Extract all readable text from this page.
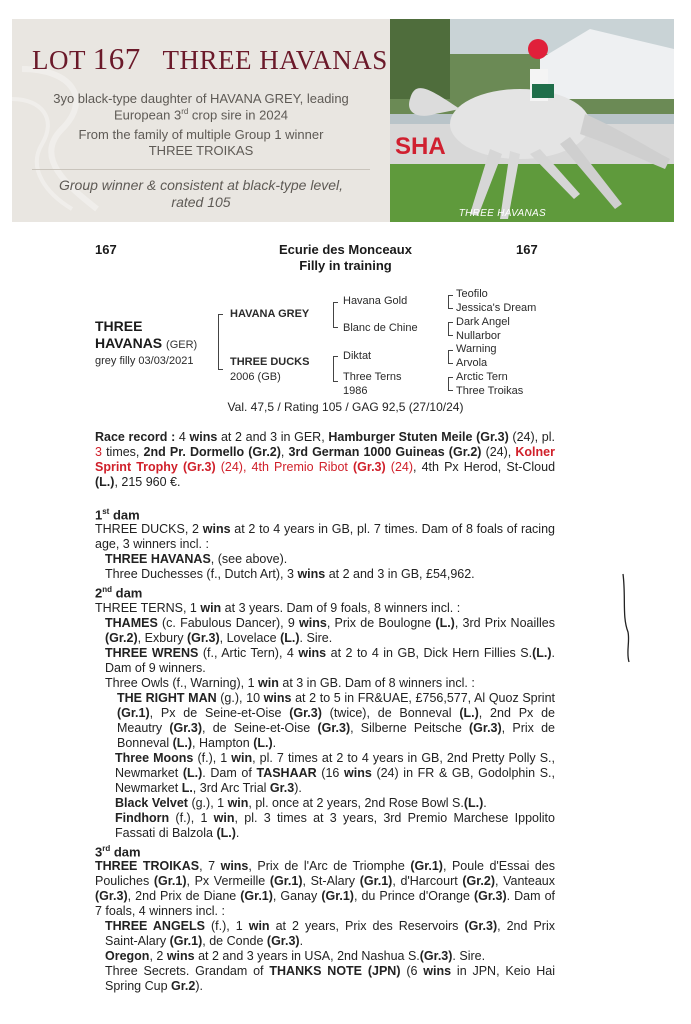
LOT 167 THREE HAVANAS
3yo black-type daughter of HAVANA GREY, leading
European 3rd crop sire in 2024
From the family of multiple Group 1 winner
THREE TROIKAS
Group winner & consistent at black-type level,
rated 105
SHA
THREE HAVANAS
167	167
Ecurie des Monceaux
Filly in training
THREE
HAVANAS (GER)
grey filly 03/03/2021
HAVANA GREY
THREE DUCKS
2006 (GB)
Havana Gold
Blanc de Chine
Diktat
Three Terns
1986
Teofilo
Jessica's Dream
Dark Angel
Nullarbor
Warning
Arvola
Arctic Tern
Three Troikas
Val. 47,5 / Rating 105 / GAG 92,5 (27/10/24)

Race record : 4 wins at 2 and 3 in GER, Hamburger Stuten Meile (Gr.3) (24), pl. 3 times, 2nd Pr. Dormello (Gr.2), 3rd German 1000 Guineas (Gr.2) (24), Kolner Sprint Trophy (Gr.3) (24), 4th Premio Ribot (Gr.3) (24), 4th Px Herod, St-Cloud (L.), 215 960 €.

1st dam

THREE DUCKS, 2 wins at 2 to 4 years in GB, pl. 7 times. Dam of 8 foals of racing age, 3 winners incl. :

THREE HAVANAS, (see above).

Three Duchesses (f., Dutch Art), 3 wins at 2 and 3 in GB, £54,962.

2nd dam

THREE TERNS, 1 win at 3 years. Dam of 9 foals, 8 winners incl. :

THAMES (c. Fabulous Dancer), 9 wins, Prix de Boulogne (L.), 3rd Prix Noailles (Gr.2), Exbury (Gr.3), Lovelace (L.). Sire.

THREE WRENS (f., Artic Tern), 4 wins at 2 to 4 in GB, Dick Hern Fillies S.(L.). Dam of 9 winners.

Three Owls (f., Warning), 1 win at 3 in GB. Dam of 8 winners incl. :

THE RIGHT MAN (g.), 10 wins at 2 to 5 in FR&UAE, £756,577, Al Quoz Sprint (Gr.1), Px de Seine-et-Oise (Gr.3) (twice), de Bonneval (L.), 2nd Px de Meautry (Gr.3), de Seine-et-Oise (Gr.3), Silberne Peitsche (Gr.3), Prix de Bonneval (L.), Hampton (L.).

Three Moons (f.), 1 win, pl. 7 times at 2 to 4 years in GB, 2nd Pretty Polly S., Newmarket (L.). Dam of TASHAAR (16 wins (24) in FR & GB, Godolphin S., Newmarket L., 3rd Arc Trial Gr.3).

Black Velvet (g.), 1 win, pl. once at 2 years, 2nd Rose Bowl S.(L.).

Findhorn (f.), 1 win, pl. 3 times at 3 years, 3rd Premio Marchese Ippolito Fassati di Balzola (L.).

3rd dam

THREE TROIKAS, 7 wins, Prix de l'Arc de Triomphe (Gr.1), Poule d'Essai des Pouliches (Gr.1), Px Vermeille (Gr.1), St-Alary (Gr.1), d'Harcourt (Gr.2), Vanteaux (Gr.3), 2nd Prix de Diane (Gr.1), Ganay (Gr.1), du Prince d'Orange (Gr.3). Dam of 7 foals, 4 winners incl. :

THREE ANGELS (f.), 1 win at 2 years, Prix des Reservoirs (Gr.3), 2nd Prix Saint-Alary (Gr.1), de Conde (Gr.3).

Oregon, 2 wins at 2 and 3 years in USA, 2nd Nashua S.(Gr.3). Sire.

Three Secrets. Grandam of THANKS NOTE (JPN) (6 wins in JPN, Keio Hai Spring Cup Gr.2).
